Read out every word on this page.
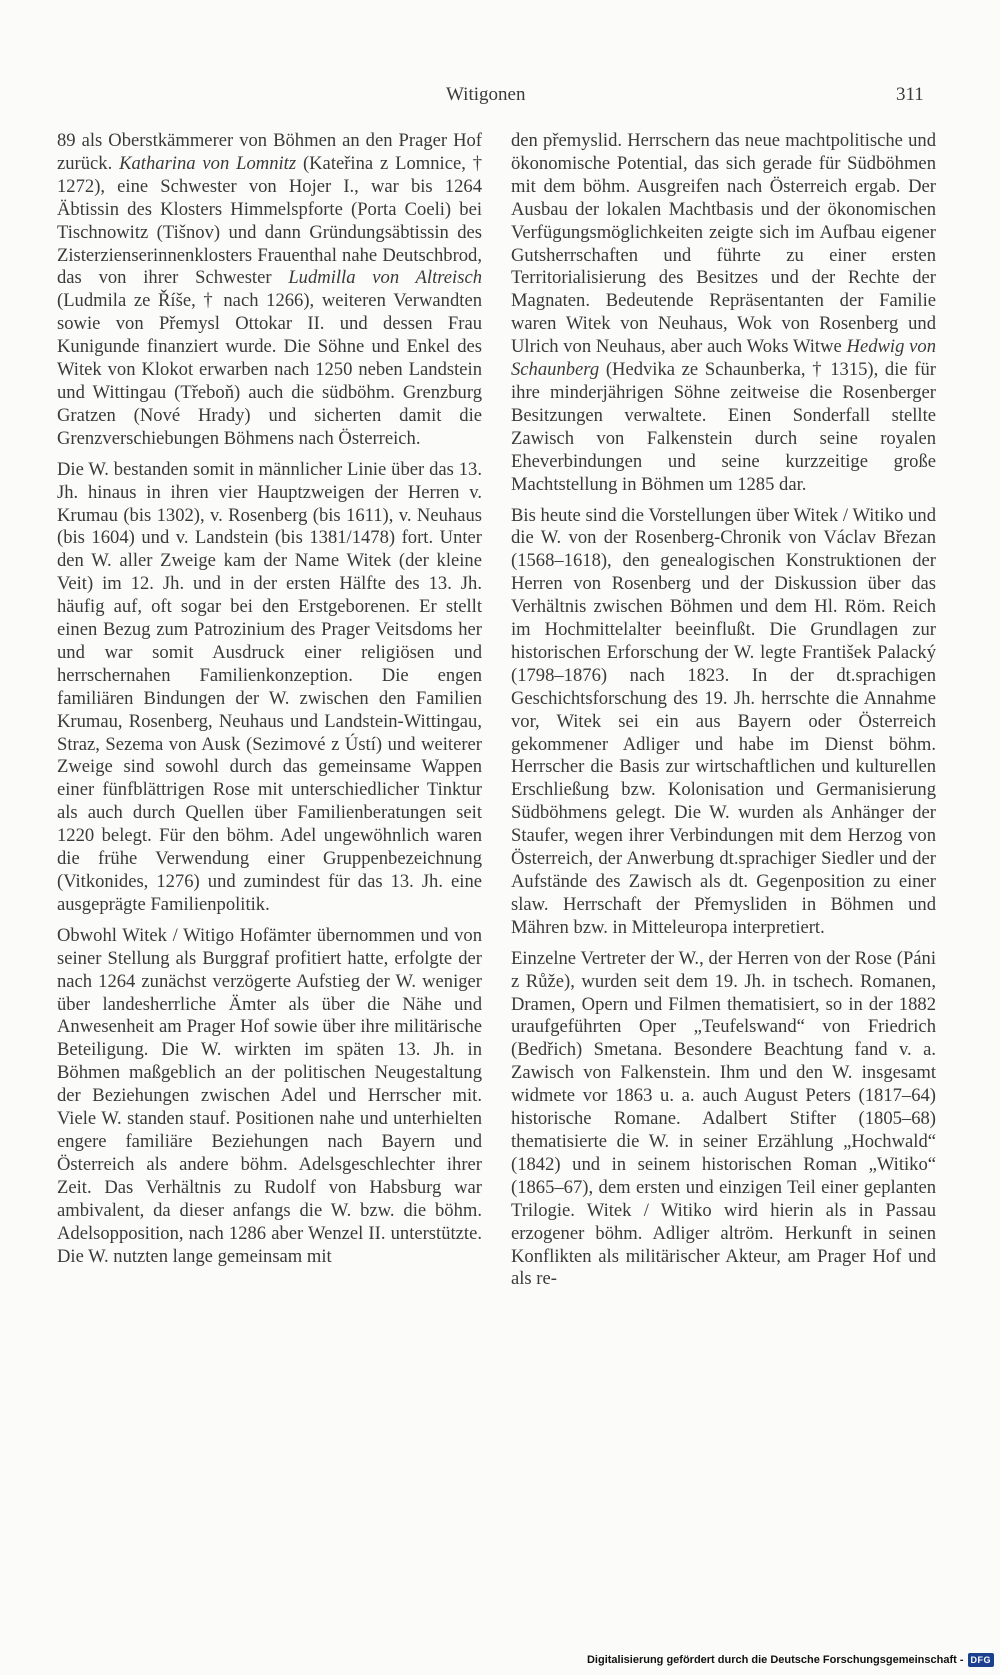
Witigonen	311

89 als Oberstkämmerer von Böhmen an den Prager Hof zurück. Katharina von Lomnitz (Kateřina z Lomnice, † 1272), eine Schwester von Hojer I., war bis 1264 Äbtissin des Klosters Himmelspforte (Porta Coeli) bei Tischnowitz (Tišnov) und dann Gründungsäbtissin des Zisterzienserinnenklosters Frauenthal nahe Deutschbrod, das von ihrer Schwester Ludmilla von Altreisch (Ludmila ze Říše, † nach 1266), weiteren Verwandten sowie von Přemysl Ottokar II. und dessen Frau Kunigunde finanziert wurde. Die Söhne und Enkel des Witek von Klokot erwarben nach 1250 neben Landstein und Wittingau (Třeboň) auch die südböhm. Grenzburg Gratzen (Nové Hrady) und sicherten damit die Grenzverschiebungen Böhmens nach Österreich.

Die W. bestanden somit in männlicher Linie über das 13. Jh. hinaus in ihren vier Hauptzweigen der Herren v. Krumau (bis 1302), v. Rosenberg (bis 1611), v. Neuhaus (bis 1604) und v. Landstein (bis 1381/1478) fort. Unter den W. aller Zweige kam der Name Witek (der kleine Veit) im 12. Jh. und in der ersten Hälfte des 13. Jh. häufig auf, oft sogar bei den Erstgeborenen. Er stellt einen Bezug zum Patrozinium des Prager Veitsdoms her und war somit Ausdruck einer religiösen und herrschernahen Familienkonzeption. Die engen familiären Bindungen der W. zwischen den Familien Krumau, Rosenberg, Neuhaus und Landstein-Wittingau, Straz, Sezema von Ausk (Sezimové z Ústí) und weiterer Zweige sind sowohl durch das gemeinsame Wappen einer fünfblättrigen Rose mit unterschiedlicher Tinktur als auch durch Quellen über Familienberatungen seit 1220 belegt. Für den böhm. Adel ungewöhnlich waren die frühe Verwendung einer Gruppenbezeichnung (Vitkonides, 1276) und zumindest für das 13. Jh. eine ausgeprägte Familienpolitik.

Obwohl Witek / Witigo Hofämter übernommen und von seiner Stellung als Burggraf profitiert hatte, erfolgte der nach 1264 zunächst verzögerte Aufstieg der W. weniger über landesherrliche Ämter als über die Nähe und Anwesenheit am Prager Hof sowie über ihre militärische Beteiligung. Die W. wirkten im späten 13. Jh. in Böhmen maßgeblich an der politischen Neugestaltung der Beziehungen zwischen Adel und Herrscher mit. Viele W. standen stauf. Positionen nahe und unterhielten engere familiäre Beziehungen nach Bayern und Österreich als andere böhm. Adelsgeschlechter ihrer Zeit. Das Verhältnis zu Rudolf von Habsburg war ambivalent, da dieser anfangs die W. bzw. die böhm. Adelsopposition, nach 1286 aber Wenzel II. unterstützte. Die W. nutzten lange gemeinsam mit

den přemyslid. Herrschern das neue machtpolitische und ökonomische Potential, das sich gerade für Südböhmen mit dem böhm. Ausgreifen nach Österreich ergab. Der Ausbau der lokalen Machtbasis und der ökonomischen Verfügungsmöglichkeiten zeigte sich im Aufbau eigener Gutsherrschaften und führte zu einer ersten Territorialisierung des Besitzes und der Rechte der Magnaten. Bedeutende Repräsentanten der Familie waren Witek von Neuhaus, Wok von Rosenberg und Ulrich von Neuhaus, aber auch Woks Witwe Hedwig von Schaunberg (Hedvika ze Schaunberka, † 1315), die für ihre minderjährigen Söhne zeitweise die Rosenberger Besitzungen verwaltete. Einen Sonderfall stellte Zawisch von Falkenstein durch seine royalen Eheverbindungen und seine kurzzeitige große Machtstellung in Böhmen um 1285 dar.

Bis heute sind die Vorstellungen über Witek / Witiko und die W. von der Rosenberg-Chronik von Václav Březan (1568–1618), den genealogischen Konstruktionen der Herren von Rosenberg und der Diskussion über das Verhältnis zwischen Böhmen und dem Hl. Röm. Reich im Hochmittelalter beeinflußt. Die Grundlagen zur historischen Erforschung der W. legte František Palacký (1798–1876) nach 1823. In der dt.sprachigen Geschichtsforschung des 19. Jh. herrschte die Annahme vor, Witek sei ein aus Bayern oder Österreich gekommener Adliger und habe im Dienst böhm. Herrscher die Basis zur wirtschaftlichen und kulturellen Erschließung bzw. Kolonisation und Germanisierung Südböhmens gelegt. Die W. wurden als Anhänger der Staufer, wegen ihrer Verbindungen mit dem Herzog von Österreich, der Anwerbung dt.sprachiger Siedler und der Aufstände des Zawisch als dt. Gegenposition zu einer slaw. Herrschaft der Přemysliden in Böhmen und Mähren bzw. in Mitteleuropa interpretiert.

Einzelne Vertreter der W., der Herren von der Rose (Páni z Růže), wurden seit dem 19. Jh. in tschech. Romanen, Dramen, Opern und Filmen thematisiert, so in der 1882 uraufgeführten Oper „Teufelswand“ von Friedrich (Bedřich) Smetana. Besondere Beachtung fand v. a. Zawisch von Falkenstein. Ihm und den W. insgesamt widmete vor 1863 u. a. auch August Peters (1817–64) historische Romane. Adalbert Stifter (1805–68) thematisierte die W. in seiner Erzählung „Hochwald“ (1842) und in seinem historischen Roman „Witiko“ (1865–67), dem ersten und einzigen Teil einer geplanten Trilogie. Witek / Witiko wird hierin als in Passau erzogener böhm. Adliger altröm. Herkunft in seinen Konflikten als militärischer Akteur, am Prager Hof und als re-

Digitalisierung gefördert durch die Deutsche Forschungsgemeinschaft - DFG
